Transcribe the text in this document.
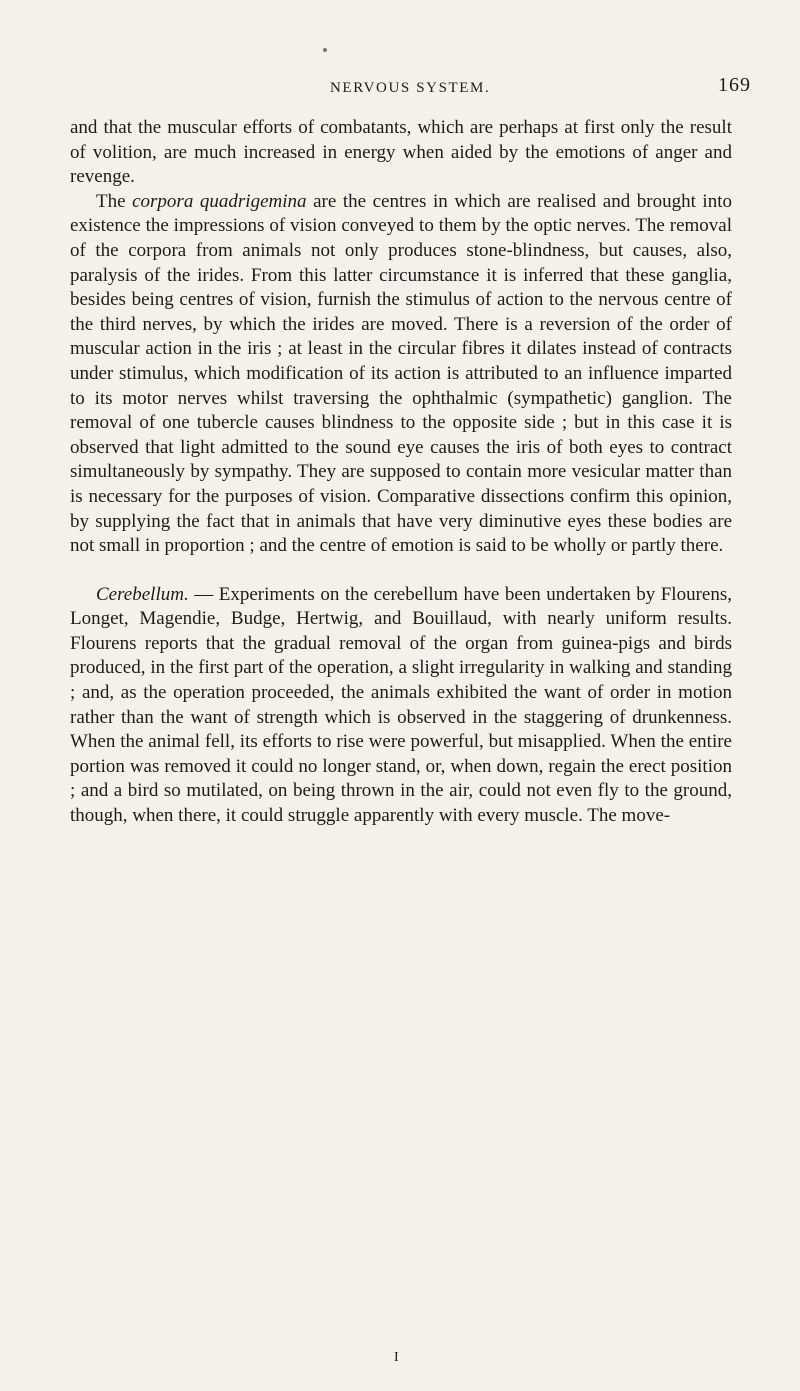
NERVOUS SYSTEM.	169

and that the muscular efforts of combatants, which are perhaps at first only the result of volition, are much increased in energy when aided by the emotions of anger and revenge.

The corpora quadrigemina are the centres in which are realised and brought into existence the impressions of vision conveyed to them by the optic nerves. The removal of the corpora from animals not only produces stone-blindness, but causes, also, paralysis of the irides. From this latter circumstance it is inferred that these ganglia, besides being centres of vision, furnish the stimulus of action to the nervous centre of the third nerves, by which the irides are moved. There is a reversion of the order of muscular action in the iris ; at least in the circular fibres it dilates instead of contracts under stimulus, which modification of its action is attributed to an influence imparted to its motor nerves whilst traversing the ophthalmic (sympathetic) ganglion. The removal of one tubercle causes blindness to the opposite side ; but in this case it is observed that light admitted to the sound eye causes the iris of both eyes to contract simultaneously by sympathy. They are supposed to contain more vesicular matter than is necessary for the purposes of vision. Comparative dissections confirm this opinion, by supplying the fact that in animals that have very diminutive eyes these bodies are not small in proportion ; and the centre of emotion is said to be wholly or partly there.

Cerebellum. — Experiments on the cerebellum have been undertaken by Flourens, Longet, Magendie, Budge, Hertwig, and Bouillaud, with nearly uniform results. Flourens reports that the gradual removal of the organ from guinea-pigs and birds produced, in the first part of the operation, a slight irregularity in walking and standing ; and, as the operation proceeded, the animals exhibited the want of order in motion rather than the want of strength which is observed in the staggering of drunkenness. When the animal fell, its efforts to rise were powerful, but misapplied. When the entire portion was removed it could no longer stand, or, when down, regain the erect position ; and a bird so mutilated, on being thrown in the air, could not even fly to the ground, though, when there, it could struggle apparently with every muscle. The move-

I
